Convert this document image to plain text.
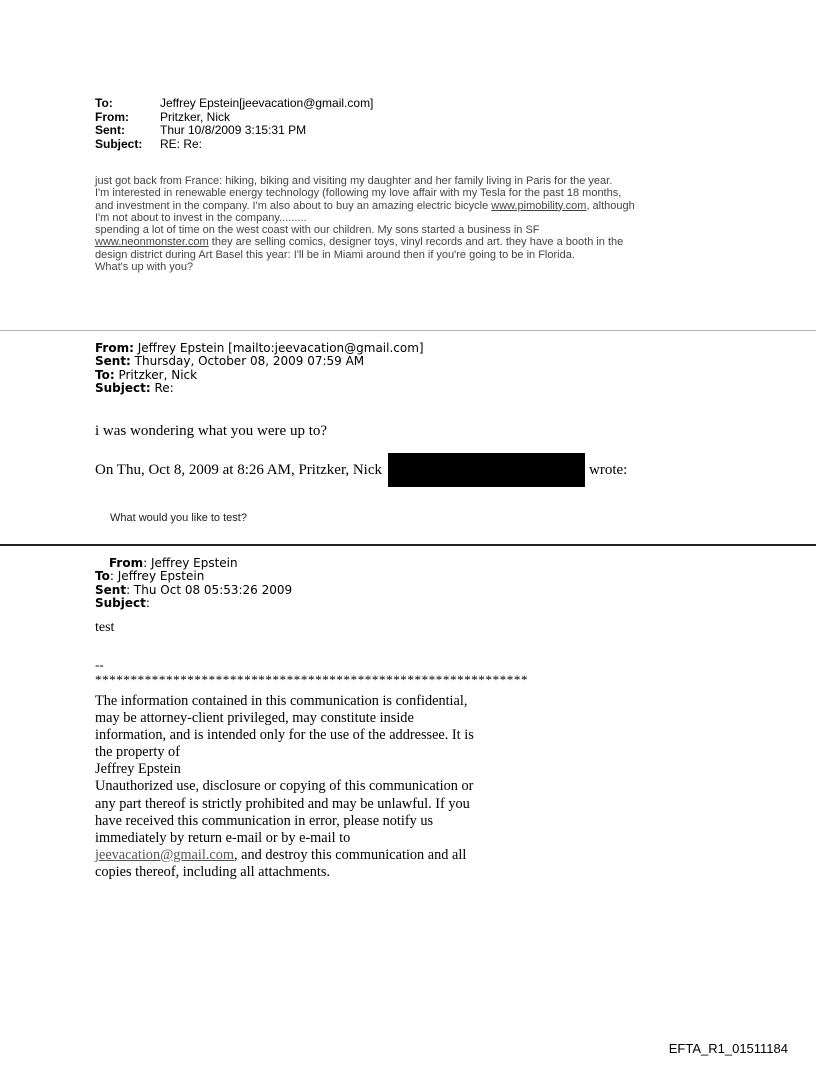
To:	Jeffrey Epstein[jeevacation@gmail.com]
From:	Pritzker, Nick
Sent:	Thur 10/8/2009 3:15:31 PM
Subject:	RE: Re:
just got back from France: hiking, biking and visiting my daughter and her family living in Paris for the year.
I'm interested in renewable energy technology (following my love affair with my Tesla for the past 18 months,
and investment in the company. I'm also about to buy an amazing electric bicycle www.pimobility.com, although
I'm not about to invest in the company.........
spending a lot of time on the west coast with our children. My sons started a business in SF
www.neonmonster.com they are selling comics, designer toys, vinyl records and art. they have a booth in the
design district during Art Basel this year: I'll be in Miami around then if you're going to be in Florida.
What's up with you?
From: Jeffrey Epstein [mailto:jeevacation@gmail.com]
Sent: Thursday, October 08, 2009 07:59 AM
To: Pritzker, Nick
Subject: Re:
i was wondering what you were up to?
On Thu, Oct 8, 2009 at 8:26 AM, Pritzker, Nick	wrote:
What would you like to test?
From: Jeffrey Epstein
To: Jeffrey Epstein
Sent: Thu Oct 08 05:53:26 2009
Subject:
test
--
*************************************************************
The information contained in this communication is confidential, may be attorney-client privileged, may constitute inside information, and is intended only for the use of the addressee. It is the property of
Jeffrey Epstein
Unauthorized use, disclosure or copying of this communication or any part thereof is strictly prohibited and may be unlawful. If you have received this communication in error, please notify us immediately by return e-mail or by e-mail to jeevacation@gmail.com, and destroy this communication and all copies thereof, including all attachments.
EFTA_R1_01511184
